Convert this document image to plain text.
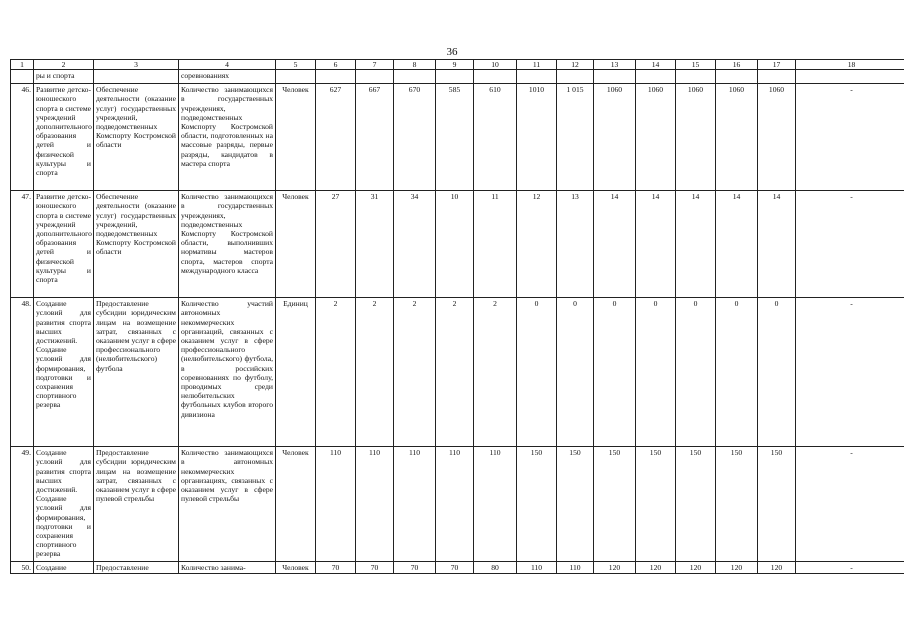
36
1	2	3	4	5	6	7	8	9	10	11	12	13	14	15	16	17	18
	ры и спорта		соревнованиях														
46.	Развитие детско-юношеского спорта в системе учреждений дополнительного образования детей и физической культуры и спорта	Обеспечение деятельности (оказание услуг) государственных учреждений, подведомственных Комспорту Костромской области	Количество занимающихся в государственных учреждениях, подведомственных Комспорту Костромской области, подготовленных на массовые разряды, первые разряды, кандидатов в мастера спорта	Человек	627	667	670	585	610	1010	1 015	1060	1060	1060	1060	1060	-
47.	Развитие детско-юношеского спорта в системе учреждений дополнительного образования детей и физической культуры и спорта	Обеспечение деятельности (оказание услуг) государственных учреждений, подведомственных Комспорту Костромской области	Количество занимающихся в государственных учреждениях, подведомственных Комспорту Костромской области, выполнивших нормативы мастеров спорта, мастеров спорта международного класса	Человек	27	31	34	10	11	12	13	14	14	14	14	14	-
48.	Создание условий для развития спорта высших достижений. Создание условий для формирования, подготовки и сохранения спортивного резерва	Предоставление субсидии юридическим лицам на возмещение затрат, связанных с оказанием услуг в сфере профессионального (нелюбительского) футбола	Количество участий автономных некоммерческих организаций, связанных с оказанием услуг в сфере профессионального (нелюбительского) футбола, в российских соревнованиях по футболу, проводимых среди нелюбительских футбольных клубов второго дивизиона	Единиц	2	2	2	2	2	0	0	0	0	0	0	0	-
49.	Создание условий для развития спорта высших достижений. Создание условий для формирования, подготовки и сохранения спортивного резерва	Предоставление субсидии юридическим лицам на возмещение затрат, связанных с оказанием услуг в сфере пулевой стрельбы	Количество занимающихся в автономных некоммерческих организациях, связанных с оказанием услуг в сфере пулевой стрельбы	Человек	110	110	110	110	110	150	150	150	150	150	150	150	-
50.	Создание	Предоставление	Количество занима-	Человек	70	70	70	70	80	110	110	120	120	120	120	120	-
